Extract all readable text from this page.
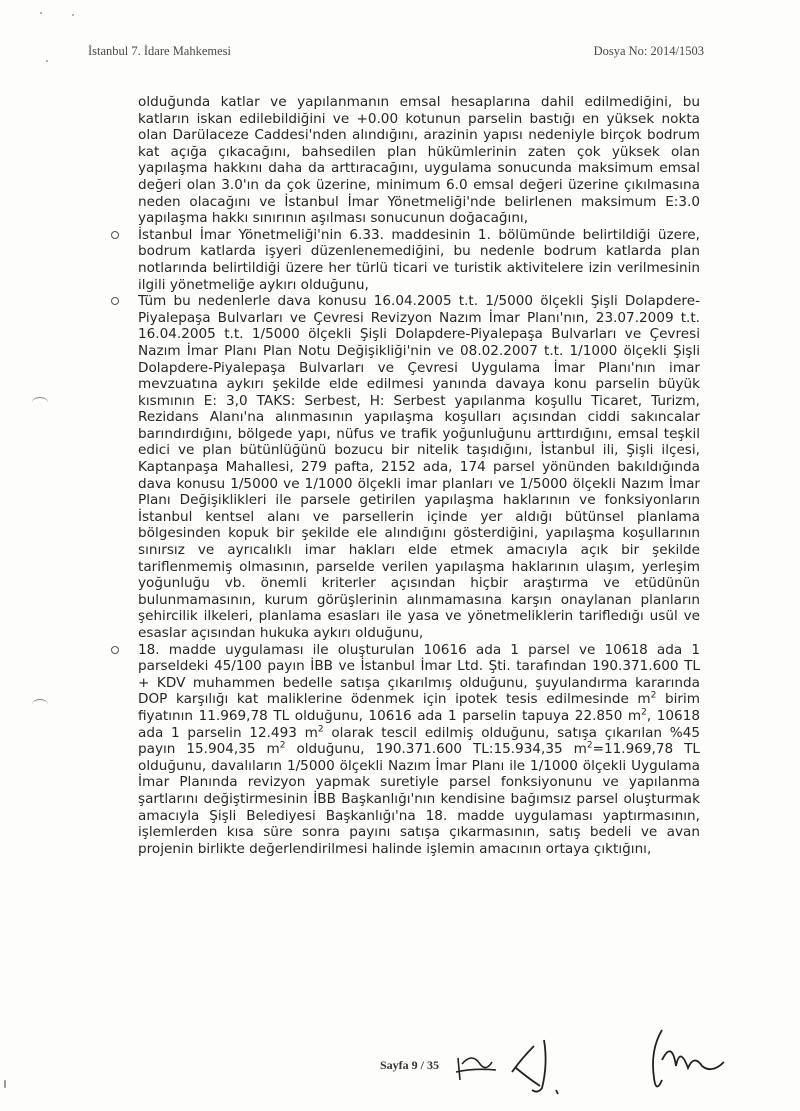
İstanbul 7. İdare Mahkemesi	Dosya No: 2014/1503

olduğunda katlar ve yapılanmanın emsal hesaplarına dahil edilmediğini, bu katların iskan edilebildiğini ve +0.00 kotunun parselin bastığı en yüksek nokta olan Darülaceze Caddesi'nden alındığını, arazinin yapısı nedeniyle birçok bodrum kat açığa çıkacağını, bahsedilen plan hükümlerinin zaten çok yüksek olan yapılaşma hakkını daha da arttıracağını, uygulama sonucunda maksimum emsal değeri olan 3.0'ın da çok üzerine, minimum 6.0 emsal değeri üzerine çıkılmasına neden olacağını ve İstanbul İmar Yönetmeliği'nde belirlenen maksimum E:3.0 yapılaşma hakkı sınırının aşılması sonucunun doğacağını,

İstanbul İmar Yönetmeliği'nin 6.33. maddesinin 1. bölümünde belirtildiği üzere, bodrum katlarda işyeri düzenlenemediğini, bu nedenle bodrum katlarda plan notlarında belirtildiği üzere her türlü ticari ve turistik aktivitelere izin verilmesinin ilgili yönetmeliğe aykırı olduğunu,

Tüm bu nedenlerle dava konusu 16.04.2005 t.t. 1/5000 ölçekli Şişli Dolapdere-Piyalepaşa Bulvarları ve Çevresi Revizyon Nazım İmar Planı'nın, 23.07.2009 t.t. 16.04.2005 t.t. 1/5000 ölçekli Şişli Dolapdere-Piyalepaşa Bulvarları ve Çevresi Nazım İmar Planı Plan Notu Değişikliği'nin ve 08.02.2007 t.t. 1/1000 ölçekli Şişli Dolapdere-Piyalepaşa Bulvarları ve Çevresi Uygulama İmar Planı'nın imar mevzuatına aykırı şekilde elde edilmesi yanında davaya konu parselin büyük kısmının E: 3,0 TAKS: Serbest, H: Serbest yapılanma koşullu Ticaret, Turizm, Rezidans Alanı'na alınmasının yapılaşma koşulları açısından ciddi sakıncalar barındırdığını, bölgede yapı, nüfus ve trafik yoğunluğunu arttırdığını, emsal teşkil edici ve plan bütünlüğünü bozucu bir nitelik taşıdığını, İstanbul ili, Şişli ilçesi, Kaptanpaşa Mahallesi, 279 pafta, 2152 ada, 174 parsel yönünden bakıldığında dava konusu 1/5000 ve 1/1000 ölçekli imar planları ve 1/5000 ölçekli Nazım İmar Planı Değişiklikleri ile parsele getirilen yapılaşma haklarının ve fonksiyonların İstanbul kentsel alanı ve parsellerin içinde yer aldığı bütünsel planlama bölgesinden kopuk bir şekilde ele alındığını gösterdiğini, yapılaşma koşullarının sınırsız ve ayrıcalıklı imar hakları elde etmek amacıyla açık bir şekilde tariflenmemiş olmasının, parselde verilen yapılaşma haklarının ulaşım, yerleşim yoğunluğu vb. önemli kriterler açısından hiçbir araştırma ve etüdünün bulunmamasının, kurum görüşlerinin alınmamasına karşın onaylanan planların şehircilik ilkeleri, planlama esasları ile yasa ve yönetmeliklerin tarifledığı usül ve esaslar açısından hukuka aykırı olduğunu,

18. madde uygulaması ile oluşturulan 10616 ada 1 parsel ve 10618 ada 1 parseldeki 45/100 payın İBB ve İstanbul İmar Ltd. Şti. tarafından 190.371.600 TL + KDV muhammen bedelle satışa çıkarılmış olduğunu, şuyulandırma kararında DOP karşılığı kat maliklerine ödenmek için ipotek tesis edilmesinde $m^2$ birim fiyatının 11.969,78 TL olduğunu, 10616 ada 1 parselin tapuya 22.850 $m^2$, 10618 ada 1 parselin 12.493 $m^2$ olarak tescil edilmiş olduğunu, satışa çıkarılan %45 payın 15.904,35 $m^2$ olduğunu, 190.371.600 TL:15.934,35 $m^2=11.969,78$ TL olduğunu, davalıların 1/5000 ölçekli Nazım İmar Planı ile 1/1000 ölçekli Uygulama İmar Planında revizyon yapmak suretiyle parsel fonksiyonunu ve yapılanma şartlarını değiştirmesinin İBB Başkanlığı'nın kendisine bağımsız parsel oluşturmak amacıyla Şişli Belediyesi Başkanlığı'na 18. madde uygulaması yaptırmasının, işlemlerden kısa süre sonra payını satışa çıkarmasının, satış bedeli ve avan projenin birlikte değerlendirilmesi halinde işlemin amacının ortaya çıktığını,

Sayfa 9 / 35
